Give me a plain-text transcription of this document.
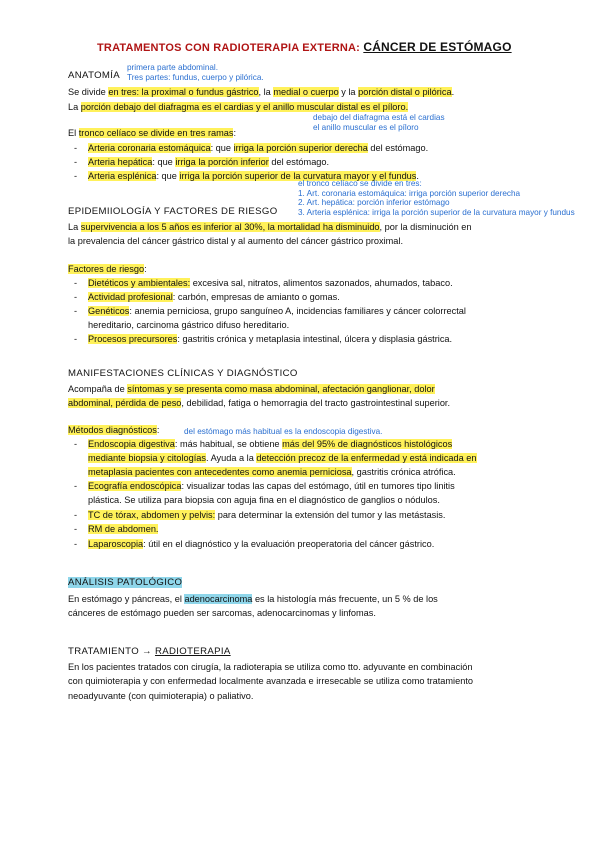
TRATAMENTOS CON RADIOTERAPIA EXTERNA: CÁNCER DE ESTÓMAGO
primera parte abdominal.
Tres partes: fundus, cuerpo y pilórica.
ANATOMÍA
Se divide en tres: la proximal o fundus gástrico, la medial o cuerpo y la porción distal o pilórica.
La porción debajo del diafragma es el cardias y el anillo muscular distal es el píloro.
debajo del diafragma está el cardias
el anillo muscular es el píloro
El tronco celíaco se divide en tres ramas:
- Arteria coronaria estomáquica: que irriga la porción superior derecha del estómago.
- Arteria hepática: que irriga la porción inferior del estómago.
- Arteria esplénica: que irriga la porción superior de la curvatura mayor y el fundus.
el tronco celíaco se divide en tres:
1. Art. coronaria estomáquica: irriga porción superior derecha
2. Art. hepática: porción inferior estómago
3. Arteria esplénica: irriga la porción superior de la curvatura mayor y fundus
EPIDEMIIOLOGÍA Y FACTORES DE RIESGO
La supervivencia a los 5 años es inferior al 30%, la mortalidad ha disminuido, por la disminución en
la prevalencia del cáncer gástrico distal y al aumento del cáncer gástrico proximal.
Factores de riesgo:
- Dietéticos y ambientales: excesiva sal, nitratos, alimentos sazonados, ahumados, tabaco.
- Actividad profesional: carbón, empresas de amianto o gomas.
- Genéticos: anemia perniciosa, grupo sanguíneo A, incidencias familiares y cáncer colorrectal
hereditario, carcinoma gástrico difuso hereditario.
- Procesos precursores: gastritis crónica y metaplasia intestinal, úlcera y displasia gástrica.
MANIFESTACIONES CLÍNICAS Y DIAGNÓSTICO
Acompaña de síntomas y se presenta como masa abdominal, afectación ganglionar, dolor
abdominal, pérdida de peso, debilidad, fatiga o hemorragia del tracto gastrointestinal superior.
Métodos diagnósticos:	del estómago más habitual es la endoscopia digestiva.
- Endoscopia digestiva: más habitual, se obtiene más del 95% de diagnósticos histológicos
mediante biopsia y citologías. Ayuda a la detección precoz de la enfermedad y está indicada en
metaplasia pacientes con antecedentes como anemia perniciosa, gastritis crónica atrófica.
- Ecografía endoscópica: visualizar todas las capas del estómago, útil en tumores tipo linitis
plástica. Se utiliza para biopsia con aguja fina en el diagnóstico de ganglios o nódulos.
- TC de tórax, abdomen y pelvis: para determinar la extensión del tumor y las metástasis.
- RM de abdomen.
- Laparoscopia: útil en el diagnóstico y la evaluación preoperatoria del cáncer gástrico.
ANÁLISIS PATOLÓGICO
En estómago y páncreas, el adenocarcinoma es la histología más frecuente, un 5 % de los
cánceres de estómago pueden ser sarcomas, adenocarcinomas y linfomas.
TRATAMIENTO → RADIOTERAPIA
En los pacientes tratados con cirugía, la radioterapia se utiliza como tto. adyuvante en combinación
con quimioterapia y con enfermedad localmente avanzada e irresecable se utiliza como tratamiento
neoadyuvante (con quimioterapia) o paliativo.
